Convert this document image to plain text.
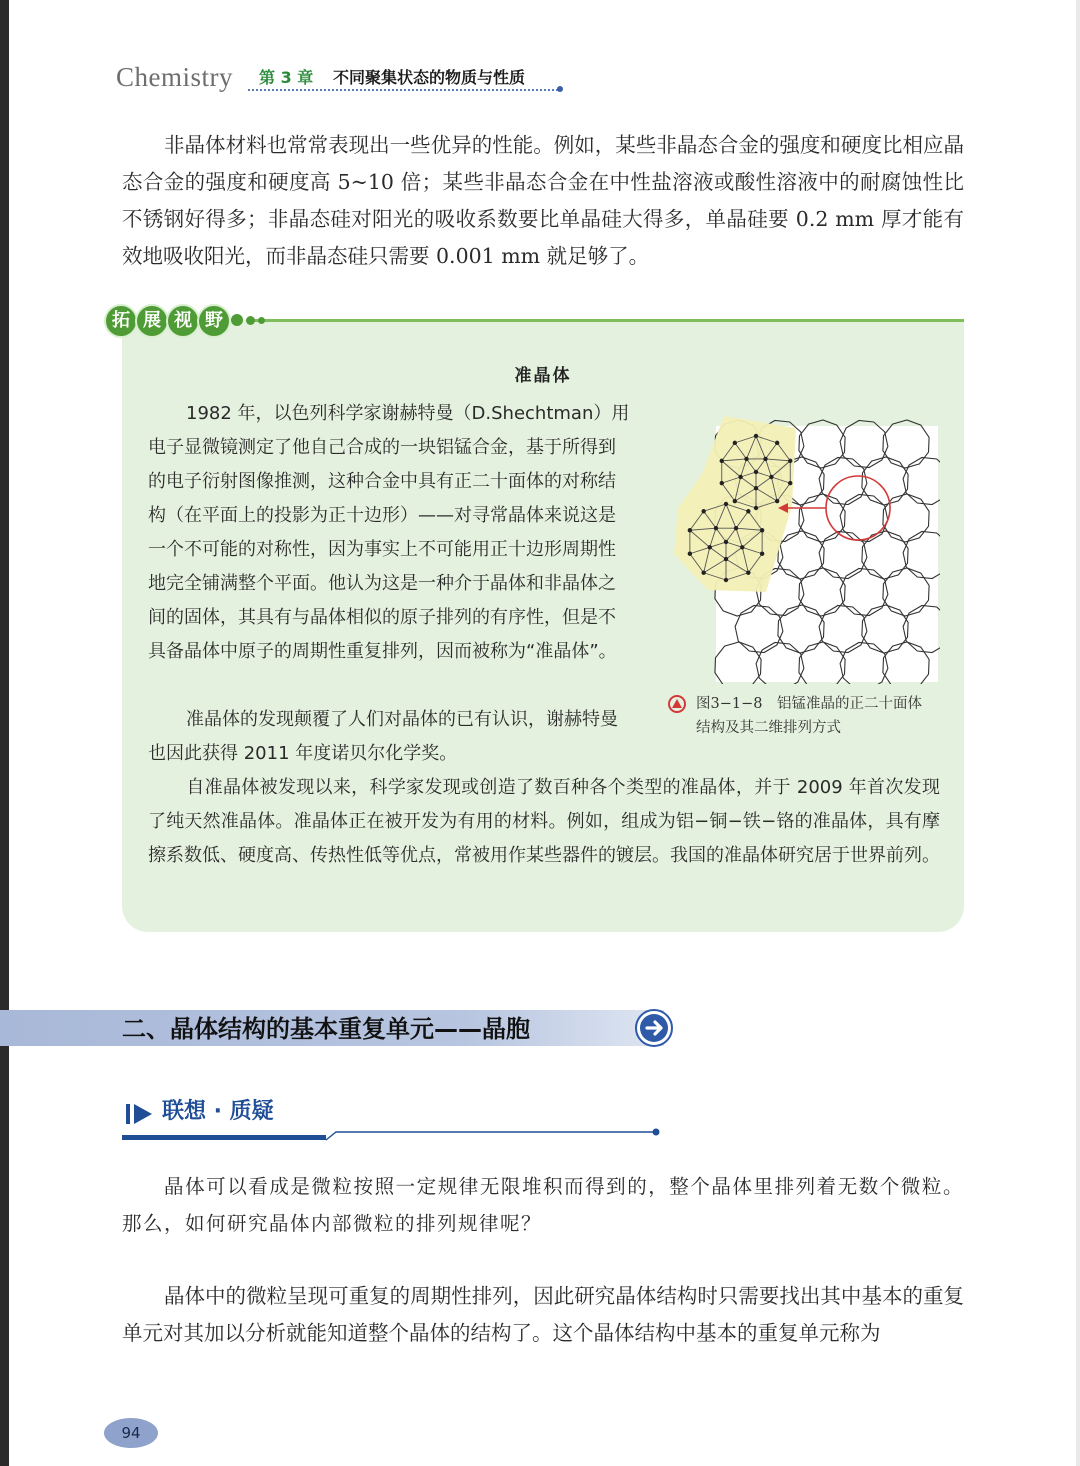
Chemistry 第 3 章 不同聚集状态的物质与性质
非晶体材料也常常表现出一些优异的性能。例如，某些非晶态合金的强度和硬度比相应晶态合金的强度和硬度高 5~10 倍；某些非晶态合金在中性盐溶液或酸性溶液中的耐腐蚀性比不锈钢好得多；非晶态硅对阳光的吸收系数要比单晶硅大得多，单晶硅要 0.2 mm 厚才能有效地吸收阳光，而非晶态硅只需要 0.001 mm 就足够了。
拓 展 视 野
准晶体
1982 年，以色列科学家谢赫特曼（D.Shechtman）用电子显微镜测定了他自己合成的一块铝锰合金，基于所得到的电子衍射图像推测，这种合金中具有正二十面体的对称结构（在平面上的投影为正十边形）——对寻常晶体来说这是一个不可能的对称性，因为事实上不可能用正十边形周期性地完全铺满整个平面。他认为这是一种介于晶体和非晶体之间的固体，其具有与晶体相似的原子排列的有序性，但是不具备晶体中原子的周期性重复排列，因而被称为“准晶体”。
准晶体的发现颠覆了人们对晶体的已有认识，谢赫特曼也因此获得 2011 年度诺贝尔化学奖。
自准晶体被发现以来，科学家发现或创造了数百种各个类型的准晶体，并于 2009 年首次发现了纯天然准晶体。准晶体正在被开发为有用的材料。例如，组成为铝−铜−铁−铬的准晶体，具有摩擦系数低、硬度高、传热性低等优点，常被用作某些器件的镀层。我国的准晶体研究居于世界前列。
图3−1−8　铝锰准晶的正二十面体
结构及其二维排列方式
二、晶体结构的基本重复单元——晶胞
联想 · 质疑
晶体可以看成是微粒按照一定规律无限堆积而得到的，整个晶体里排列着无数个微粒。那么，如何研究晶体内部微粒的排列规律呢？
晶体中的微粒呈现可重复的周期性排列，因此研究晶体结构时只需要找出其中基本的重复单元对其加以分析就能知道整个晶体的结构了。这个晶体结构中基本的重复单元称为
94
